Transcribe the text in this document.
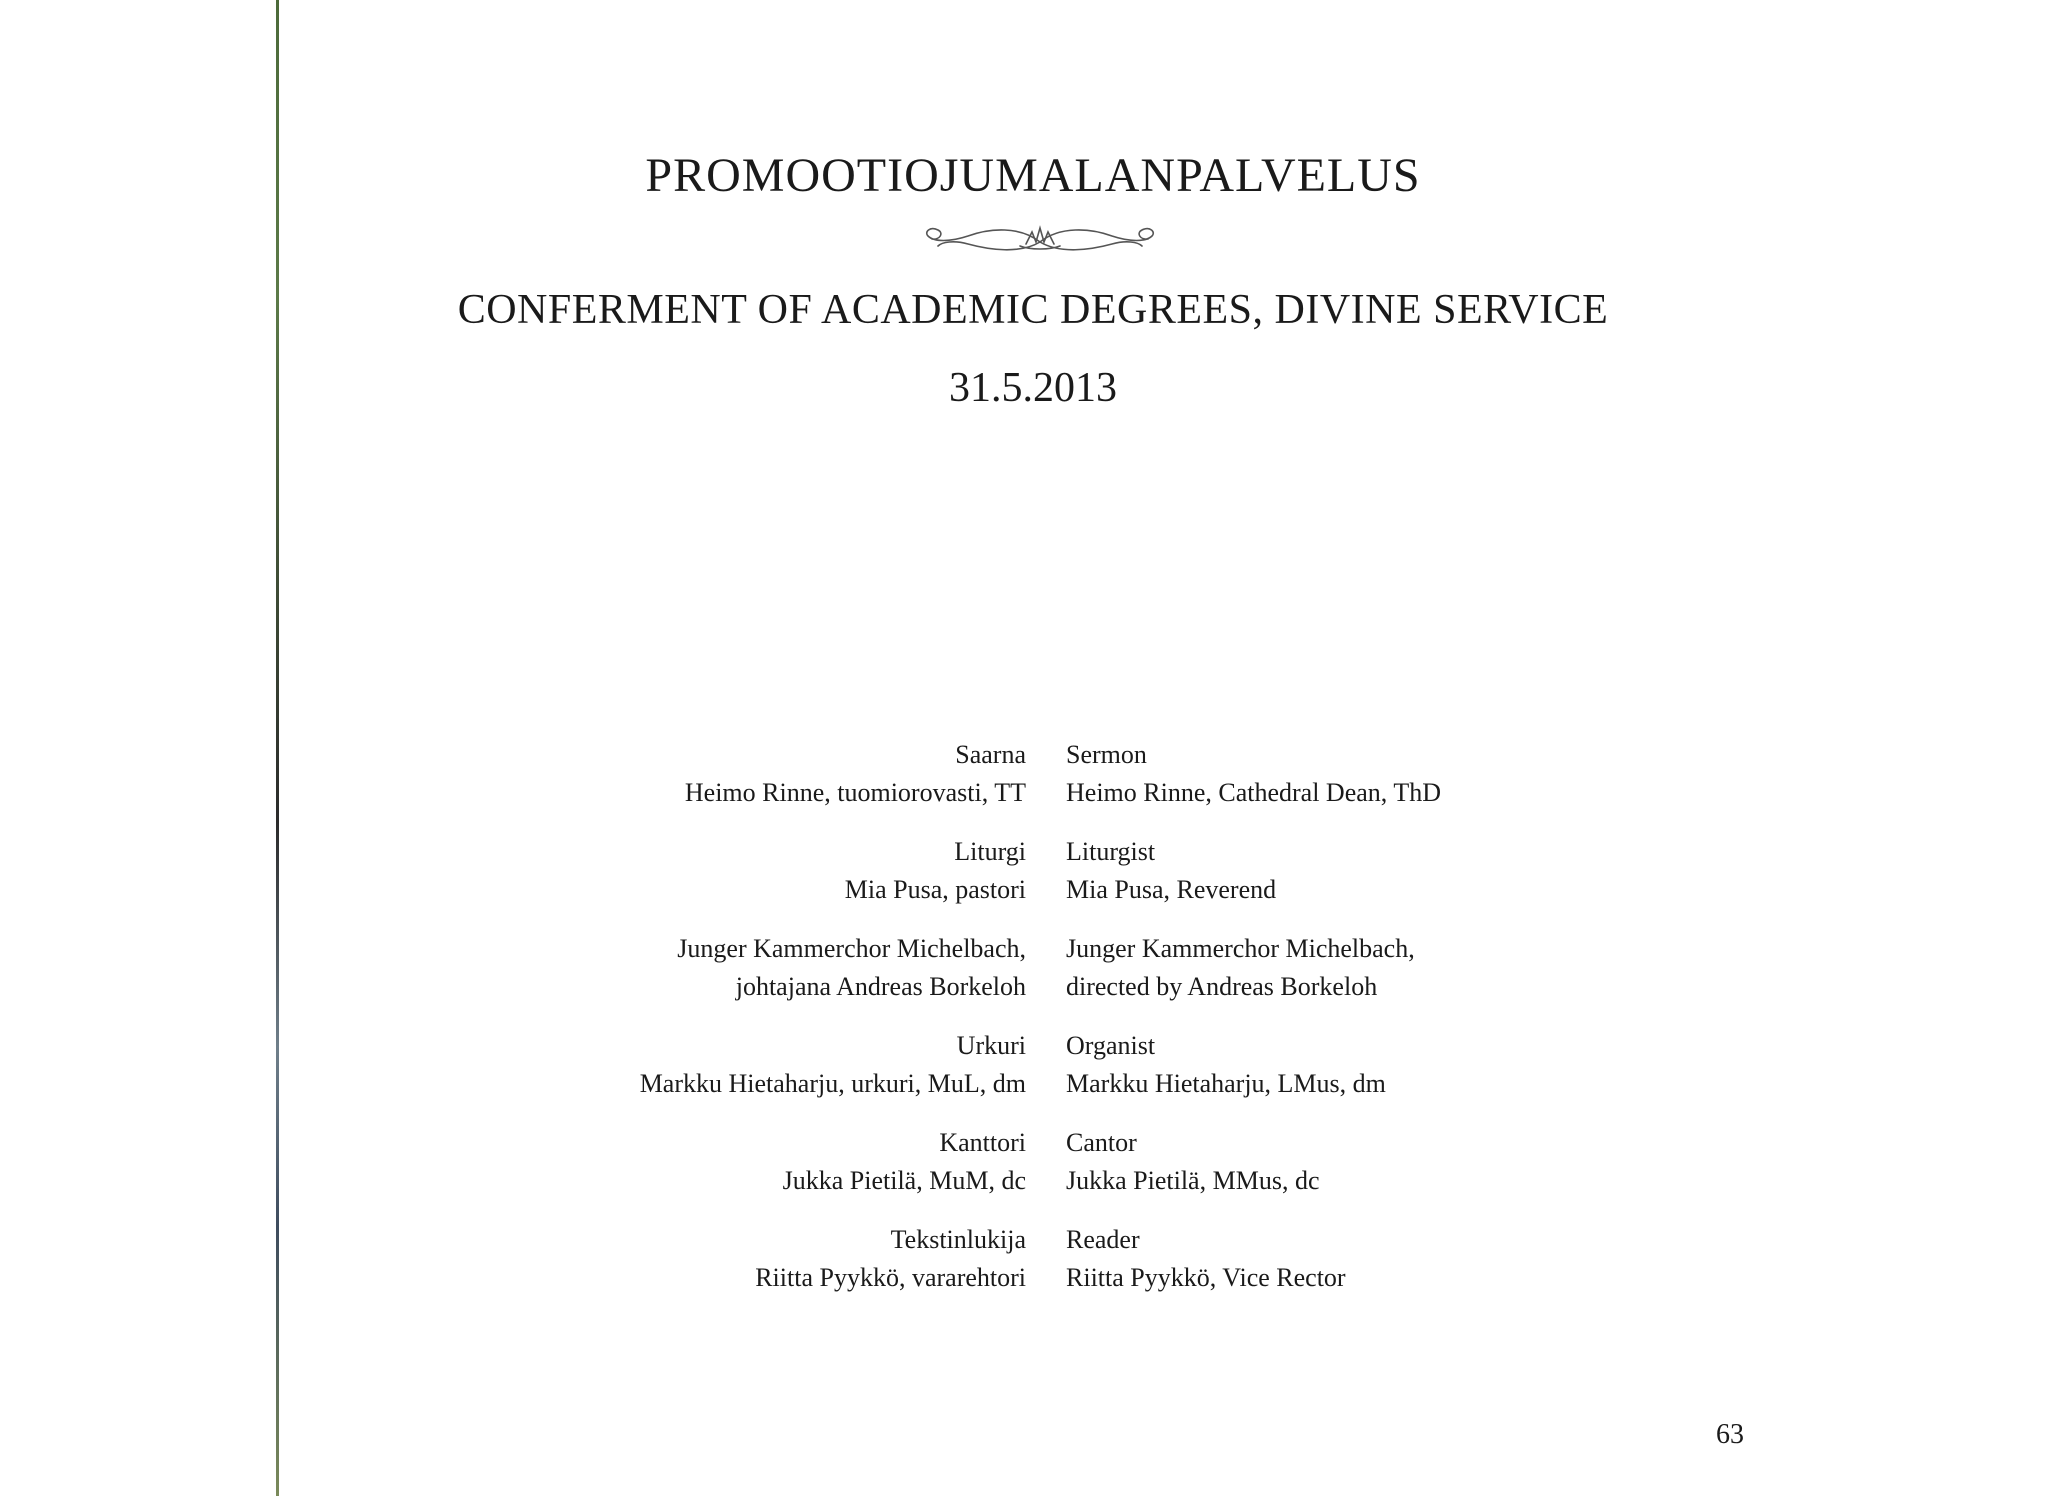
PROMOOTIOJUMALANPALVELUS
CONFERMENT OF ACADEMIC DEGREES, DIVINE SERVICE
31.5.2013
Saarna
Heimo Rinne, tuomiorovasti, TT
Sermon
Heimo Rinne, Cathedral Dean, ThD
Liturgi
Mia Pusa, pastori
Liturgist
Mia Pusa, Reverend
Junger Kammerchor Michelbach,
johtajana Andreas Borkeloh
Junger Kammerchor Michelbach,
directed by Andreas Borkeloh
Urkuri
Markku Hietaharju, urkuri, MuL, dm
Organist
Markku Hietaharju, LMus, dm
Kanttori
Jukka Pietilä, MuM, dc
Cantor
Jukka Pietilä, MMus, dc
Tekstinlukija
Riitta Pyykkö, vararehtori
Reader
Riitta Pyykkö, Vice Rector
63
